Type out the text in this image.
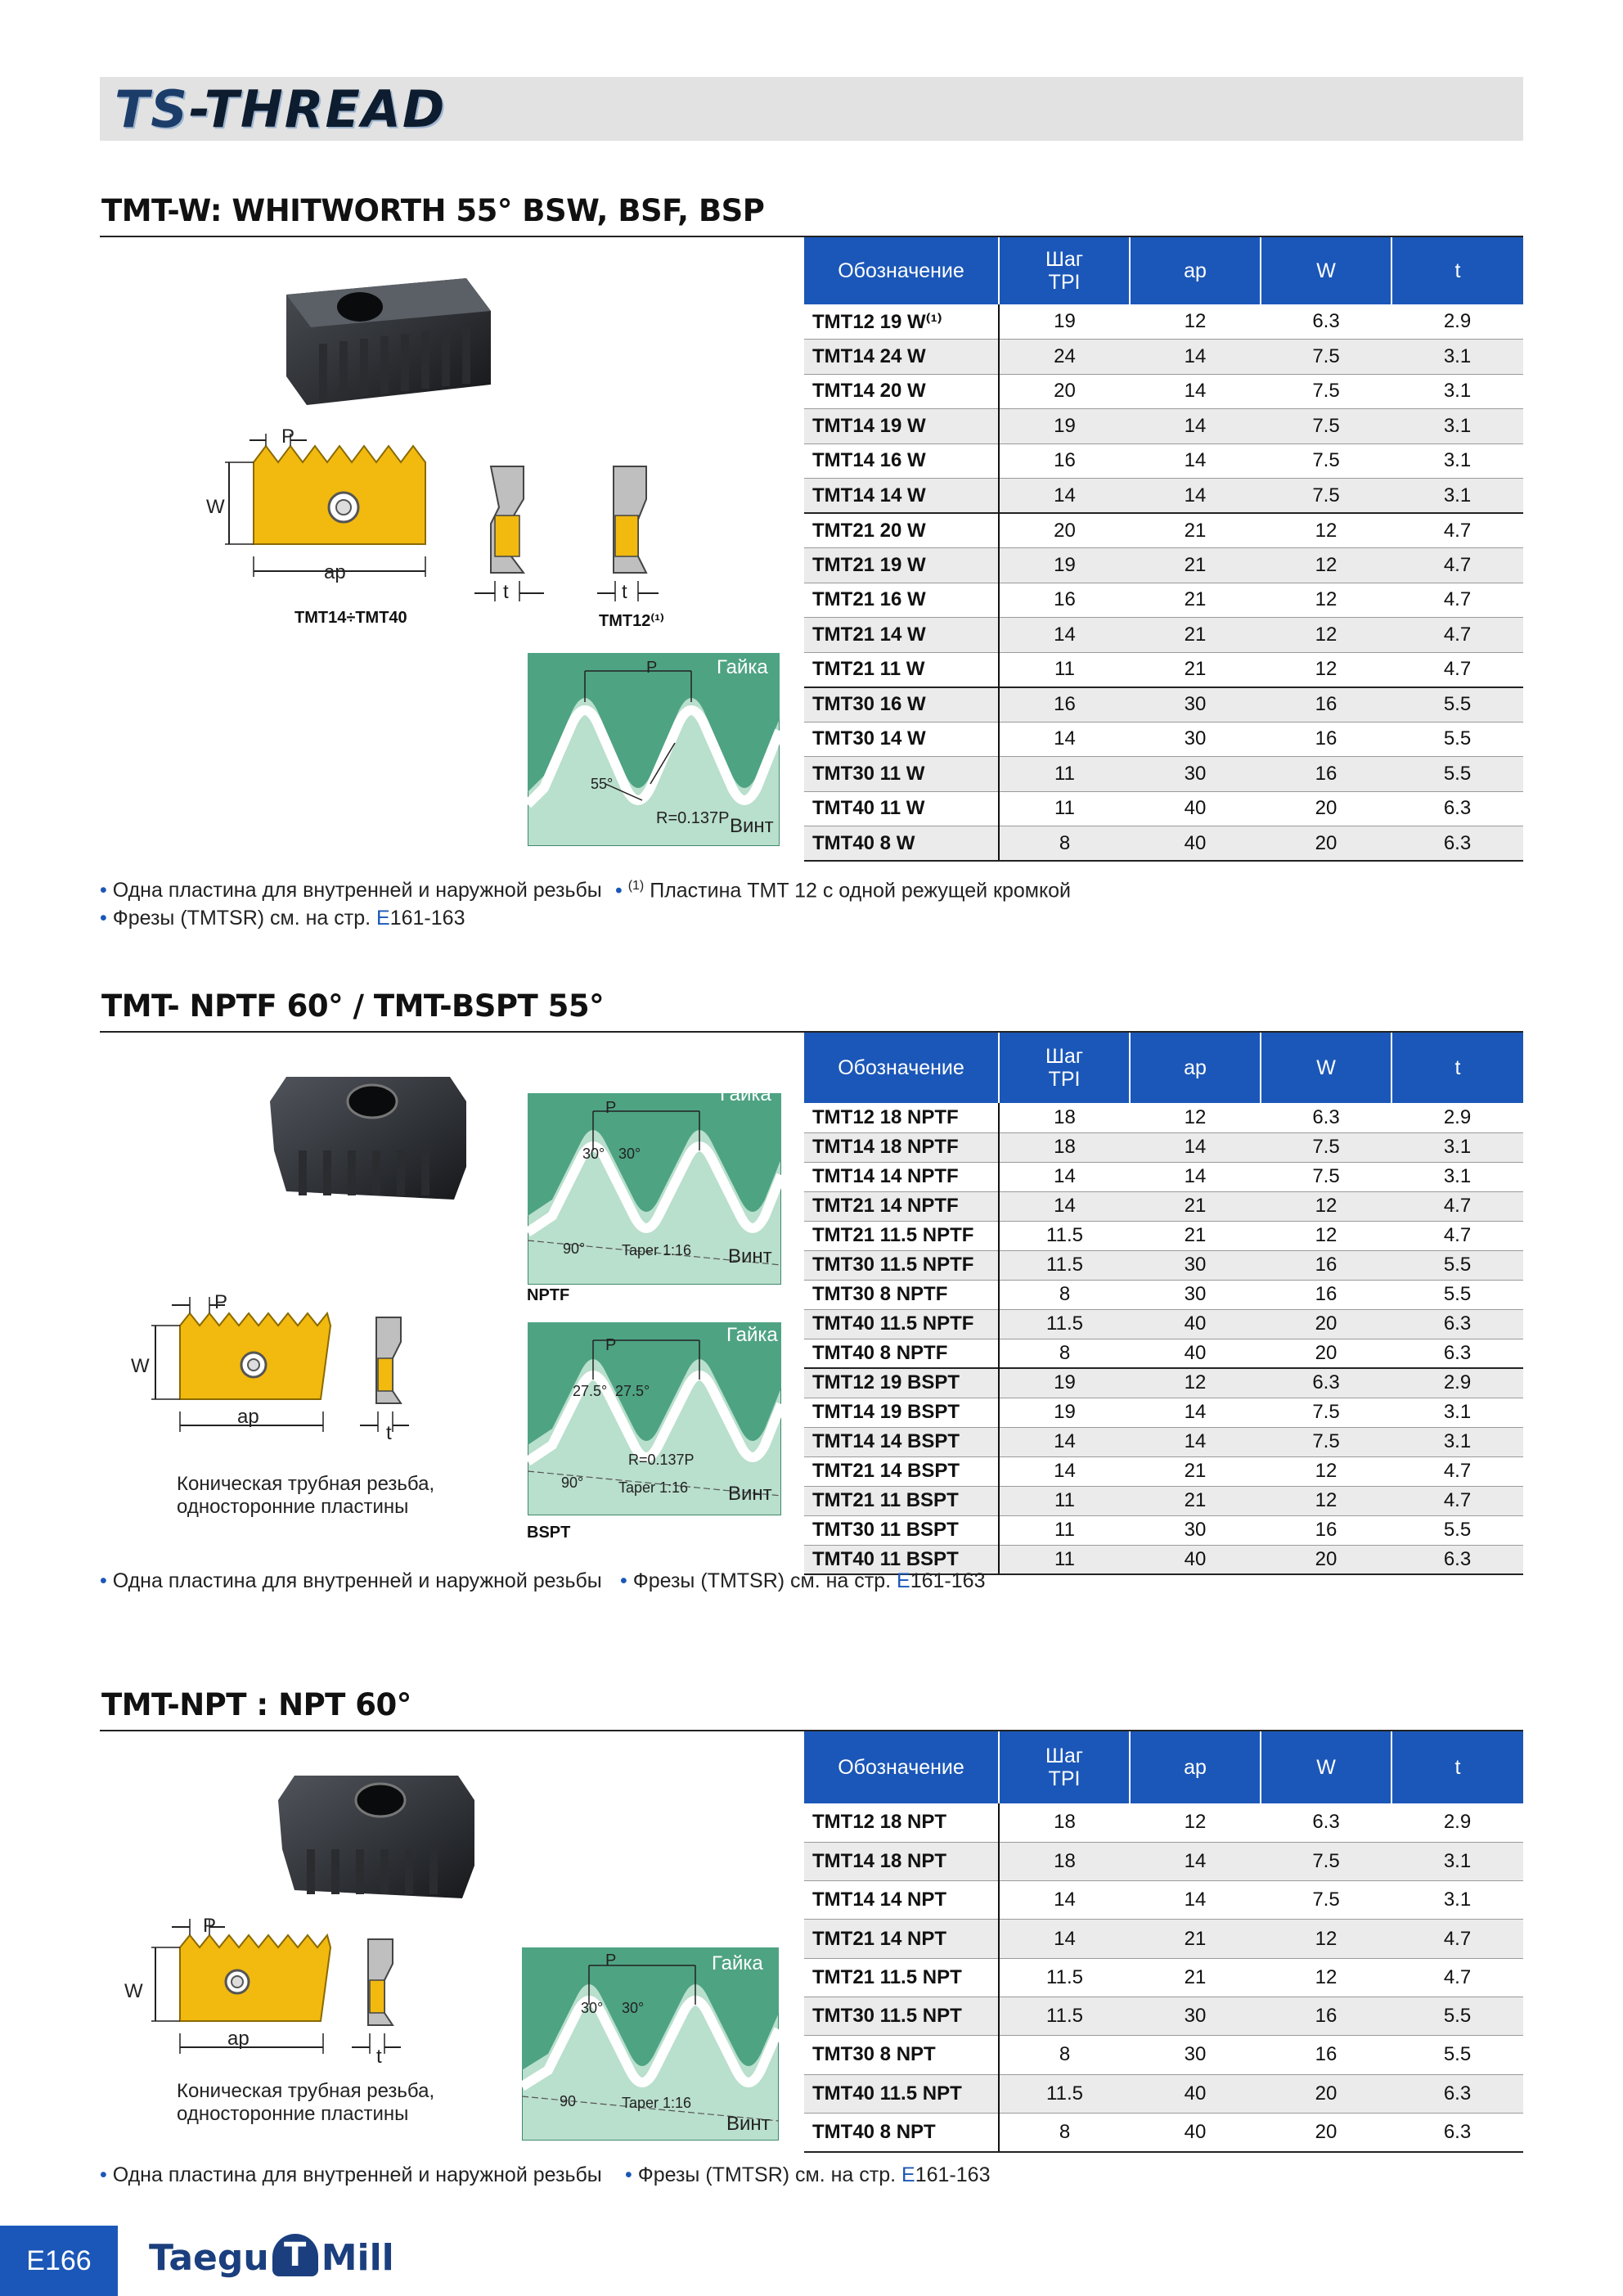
TS-THREAD
TMT-W: WHITWORTH 55° BSW, BSF, BSP
Обозначение	Шаг TPI	ap	W	t
TMT12 19 W⁽¹⁾	19	12	6.3	2.9
TMT14 24 W	24	14	7.5	3.1
TMT14 20 W	20	14	7.5	3.1
TMT14 19 W	19	14	7.5	3.1
TMT14 16 W	16	14	7.5	3.1
TMT14 14 W	14	14	7.5	3.1
TMT21 20 W	20	21	12	4.7
TMT21 19 W	19	21	12	4.7
TMT21 16 W	16	21	12	4.7
TMT21 14 W	14	21	12	4.7
TMT21 11 W	11	21	12	4.7
TMT30 16 W	16	30	16	5.5
TMT30 14 W	14	30	16	5.5
TMT30 11 W	11	30	16	5.5
TMT40 11 W	11	40	20	6.3
TMT40 8 W	8	40	20	6.3
P
W
ap
TMT14÷TMT40
t	t
TMT12⁽¹⁾
P	Гайка
55°
R=0.137P Винт
• Одна пластина для внутренней и наружной резьбы • $^{(1)}$ Пластина TMT 12 с одной режущей кромкой
• Фрезы (TMTSR) см. на стр. E161-163
TMT- NPTF 60° / TMT-BSPT 55°
Обозначение	Шаг TPI	ap	W	t
TMT12 18 NPTF	18	12	6.3	2.9
TMT14 18 NPTF	18	14	7.5	3.1
TMT14 14 NPTF	14	14	7.5	3.1
TMT21 14 NPTF	14	21	12	4.7
TMT21 11.5 NPTF	11.5	21	12	4.7
TMT30 11.5 NPTF	11.5	30	16	5.5
TMT30 8 NPTF	8	30	16	5.5
TMT40 11.5 NPTF	11.5	40	20	6.3
TMT40 8 NPTF	8	40	20	6.3
TMT12 19 BSPT	19	12	6.3	2.9
TMT14 19 BSPT	19	14	7.5	3.1
TMT14 14 BSPT	14	14	7.5	3.1
TMT21 14 BSPT	14	21	12	4.7
TMT21 11 BSPT	11	21	12	4.7
TMT30 11 BSPT	11	30	16	5.5
TMT40 11 BSPT	11	40	20	6.3
P
W
ap
t
Коническая трубная резьба,
односторонние пластины
P
Гайка
30° 30°
90° Taper 1:16 Винт
NPTF
P	Гайка
27.5° 27.5°
R=0.137P
90° Taper 1:16 Винт
BSPT
• Одна пластина для внутренней и наружной резьбы • Фрезы (TMTSR) см. на стр. E161-163
TMT-NPT : NPT 60°
Обозначение	Шаг TPI	ap	W	t
TMT12 18 NPT	18	12	6.3	2.9
TMT14 18 NPT	18	14	7.5	3.1
TMT14 14 NPT	14	14	7.5	3.1
TMT21 14 NPT	14	21	12	4.7
TMT21 11.5 NPT	11.5	21	12	4.7
TMT30 11.5 NPT	11.5	30	16	5.5
TMT30 8 NPT	8	30	16	5.5
TMT40 11.5 NPT	11.5	40	20	6.3
TMT40 8 NPT	8	40	20	6.3
P
W
ap
t
Коническая трубная резьба,
односторонние пластины
P	Гайка
30° 30°
90	Taper 1:16
Винт
• Одна пластина для внутренней и наружной резьбы • Фрезы (TMTSR) см. на стр. E161-163
E166	Taegu T Mill
